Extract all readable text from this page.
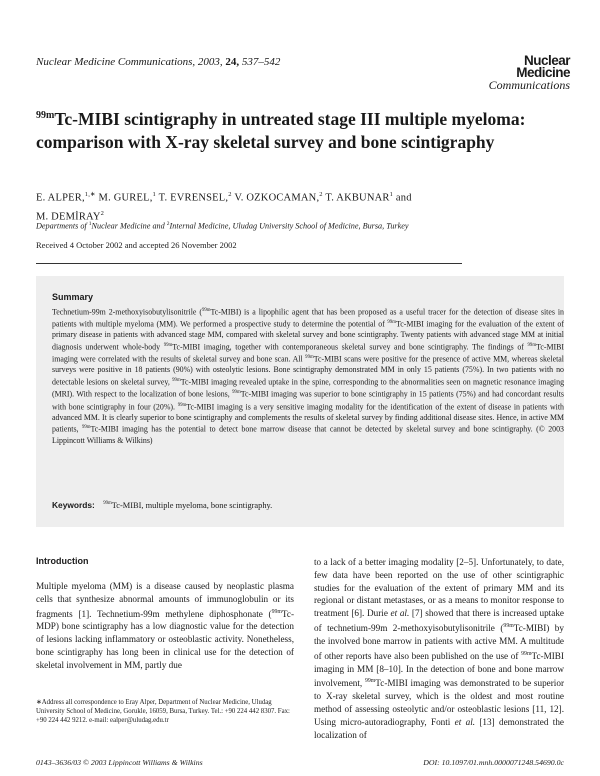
Nuclear Medicine Communications, 2003, 24, 537–542	Nuclear
Medicine
Communications
$^{99m}$Tc-MIBI scintigraphy in untreated stage III multiple myeloma: comparison with X-ray skeletal survey and bone scintigraphy
E. ALPER,$^{1,∗}$ M. GUREL,$^1$ T. EVRENSEL,$^2$ V. OZKOCAMAN,$^2$ T. AKBUNAR$^1$ and
M. DEMİRAY$^2$
Departments of $^1$Nuclear Medicine and $^2$Internal Medicine, Uludag University School of Medicine, Bursa, Turkey
Received 4 October 2002 and accepted 26 November 2002
Summary
Technetium-99m 2-methoxyisobutylisonitrile ($^{99m}$Tc-MIBI) is a lipophilic agent that has been proposed as a useful tracer for the detection of disease sites in patients with multiple myeloma (MM). We performed a prospective study to determine the potential of $^{99m}$Tc-MIBI imaging for the evaluation of the extent of primary disease in patients with advanced stage MM, compared with skeletal survey and bone scintigraphy. Twenty patients with advanced stage MM at initial diagnosis underwent whole-body $^{99m}$Tc-MIBI imaging, together with contemporaneous skeletal survey and bone scintigraphy. The findings of $^{99m}$Tc-MIBI imaging were correlated with the results of skeletal survey and bone scan. All $^{99m}$Tc-MIBI scans were positive for the presence of active MM, whereas skeletal surveys were positive in 18 patients (90%) with osteolytic lesions. Bone scintigraphy demonstrated MM in only 15 patients (75%). In two patients with no detectable lesions on skeletal survey, $^{99m}$Tc-MIBI imaging revealed uptake in the spine, corresponding to the abnormalities seen on magnetic resonance imaging (MRI). With respect to the localization of bone lesions, $^{99m}$Tc-MIBI imaging was superior to bone scintigraphy in 15 patients (75%) and had concordant results with bone scintigraphy in four (20%). $^{99m}$Tc-MIBI imaging is a very sensitive imaging modality for the identification of the extent of disease in patients with advanced MM. It is clearly superior to bone scintigraphy and complements the results of skeletal survey by finding additional disease sites. Hence, in active MM patients, $^{99m}$Tc-MIBI imaging has the potential to detect bone marrow disease that cannot be detected by skeletal survey and bone scintigraphy. (© 2003 Lippincott Williams & Wilkins)
Keywords: $^{99m}$Tc-MIBI, multiple myeloma, bone scintigraphy.
Introduction
Multiple myeloma (MM) is a disease caused by neoplastic plasma cells that synthesize abnormal amounts of immunoglobulin or its fragments [1]. Technetium-99m methylene diphosphonate ($^{99m}$Tc-MDP) bone scintigraphy has a low diagnostic value for the detection of lesions lacking inflammatory or osteoblastic activity. Nonetheless, bone scintigraphy has long been in clinical use for the detection of skeletal involvement in MM, partly due
to a lack of a better imaging modality [2–5]. Unfortunately, to date, few data have been reported on the use of other scintigraphic studies for the evaluation of the extent of primary MM and its regional or distant metastases, or as a means to monitor response to treatment [6]. Durie et al. [7] showed that there is increased uptake of technetium-99m 2-methoxyisobutylisonitrile ($^{99m}$Tc-MIBI) by the involved bone marrow in patients with active MM. A multitude of other reports have also been published on the use of $^{99m}$Tc-MIBI imaging in MM [8–10]. In the detection of bone and bone marrow involvement, $^{99m}$Tc-MIBI imaging was demonstrated to be superior to X-ray skeletal survey, which is the oldest and most routine method of assessing osteolytic and/or osteoblastic lesions [11, 12]. Using micro-autoradiography, Fonti et al. [13] demonstrated the localization of
∗Address all correspondence to Eray Alper, Department of Nuclear Medicine, Uludag University School of Medicine, Gorukle, 16059, Bursa, Turkey. Tel.: +90 224 442 8307. Fax: +90 224 442 9212. e-mail: ealper@uludag.edu.tr
0143–3636/03 © 2003 Lippincott Williams & Wilkins	DOI: 10.1097/01.mnh.0000071248.54690.0c
